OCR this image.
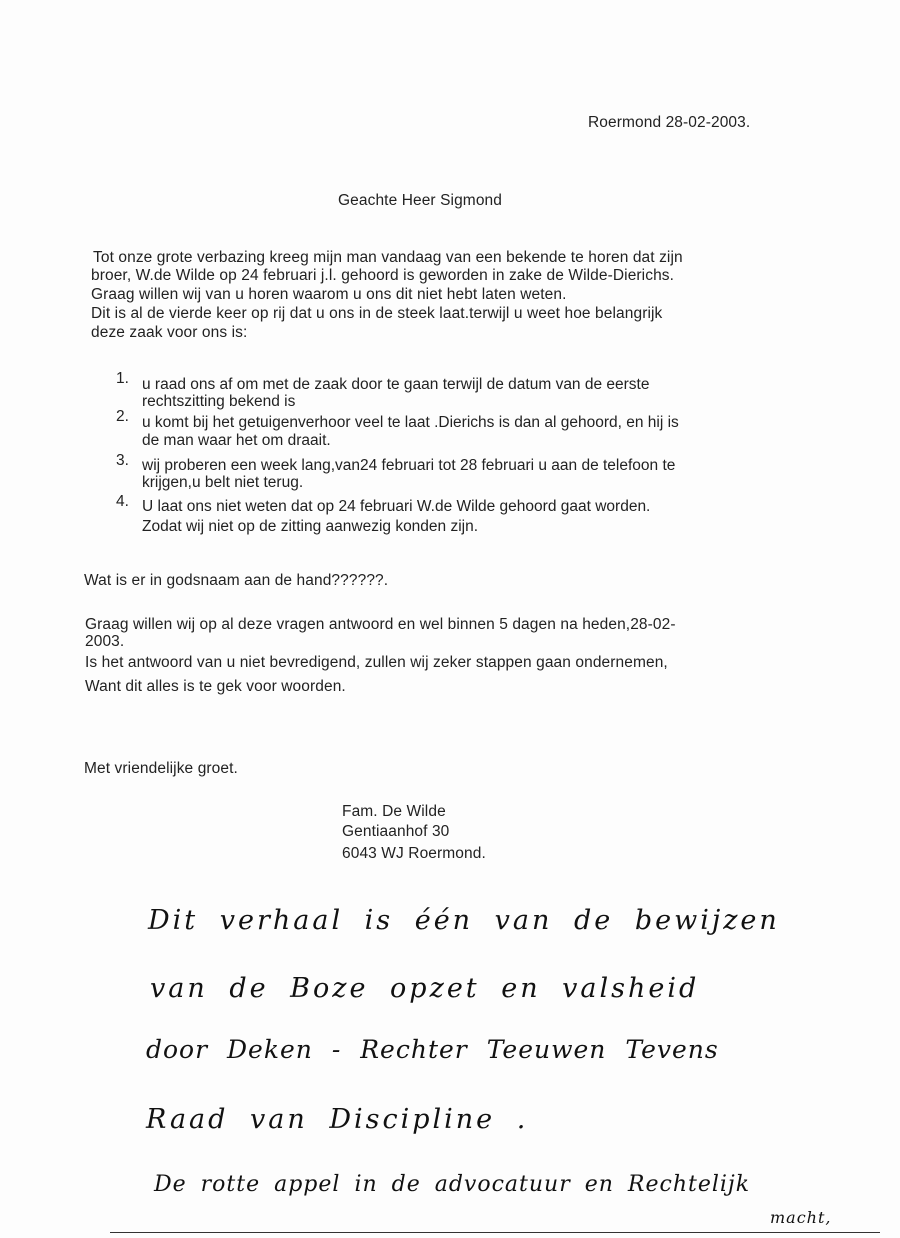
Roermond 28-02-2003.
Geachte Heer Sigmond
Tot onze grote verbazing kreeg mijn man vandaag van een bekende te horen dat zijn
broer, W.de Wilde op 24 februari j.l. gehoord is geworden in zake de Wilde-Dierichs.
Graag willen wij van u horen waarom u ons dit niet hebt laten weten.
Dit is al de vierde keer op rij dat u ons in de steek laat.terwijl u weet hoe belangrijk
deze zaak voor ons is:
1. u raad ons af om met de zaak door te gaan terwijl de datum van de eerste
rechtszitting bekend is
2. u komt bij het getuigenverhoor veel te laat .Dierichs is dan al gehoord, en hij is
de man waar het om draait.
3. wij proberen een week lang,van24 februari tot 28 februari u aan de telefoon te
krijgen,u belt niet terug.
4. U laat ons niet weten dat op 24 februari W.de Wilde gehoord gaat worden.
Zodat wij niet op de zitting aanwezig konden zijn.
Wat is er in godsnaam aan de hand??????.
Graag willen wij op al deze vragen antwoord en wel binnen 5 dagen na heden,28-02-
2003.
Is het antwoord van u niet bevredigend, zullen wij zeker stappen gaan ondernemen,
Want dit alles is te gek voor woorden.
Met vriendelijke groet.
Fam. De Wilde
Gentiaanhof 30
6043 WJ Roermond.
Dit verhaal is één van de bewijzen
van de Boze opzet en valsheid
door Deken - Rechter Teeuwen Tevens
Raad van Discipline .
De rotte appel in de advocatuur en Rechtelijk
macht,
